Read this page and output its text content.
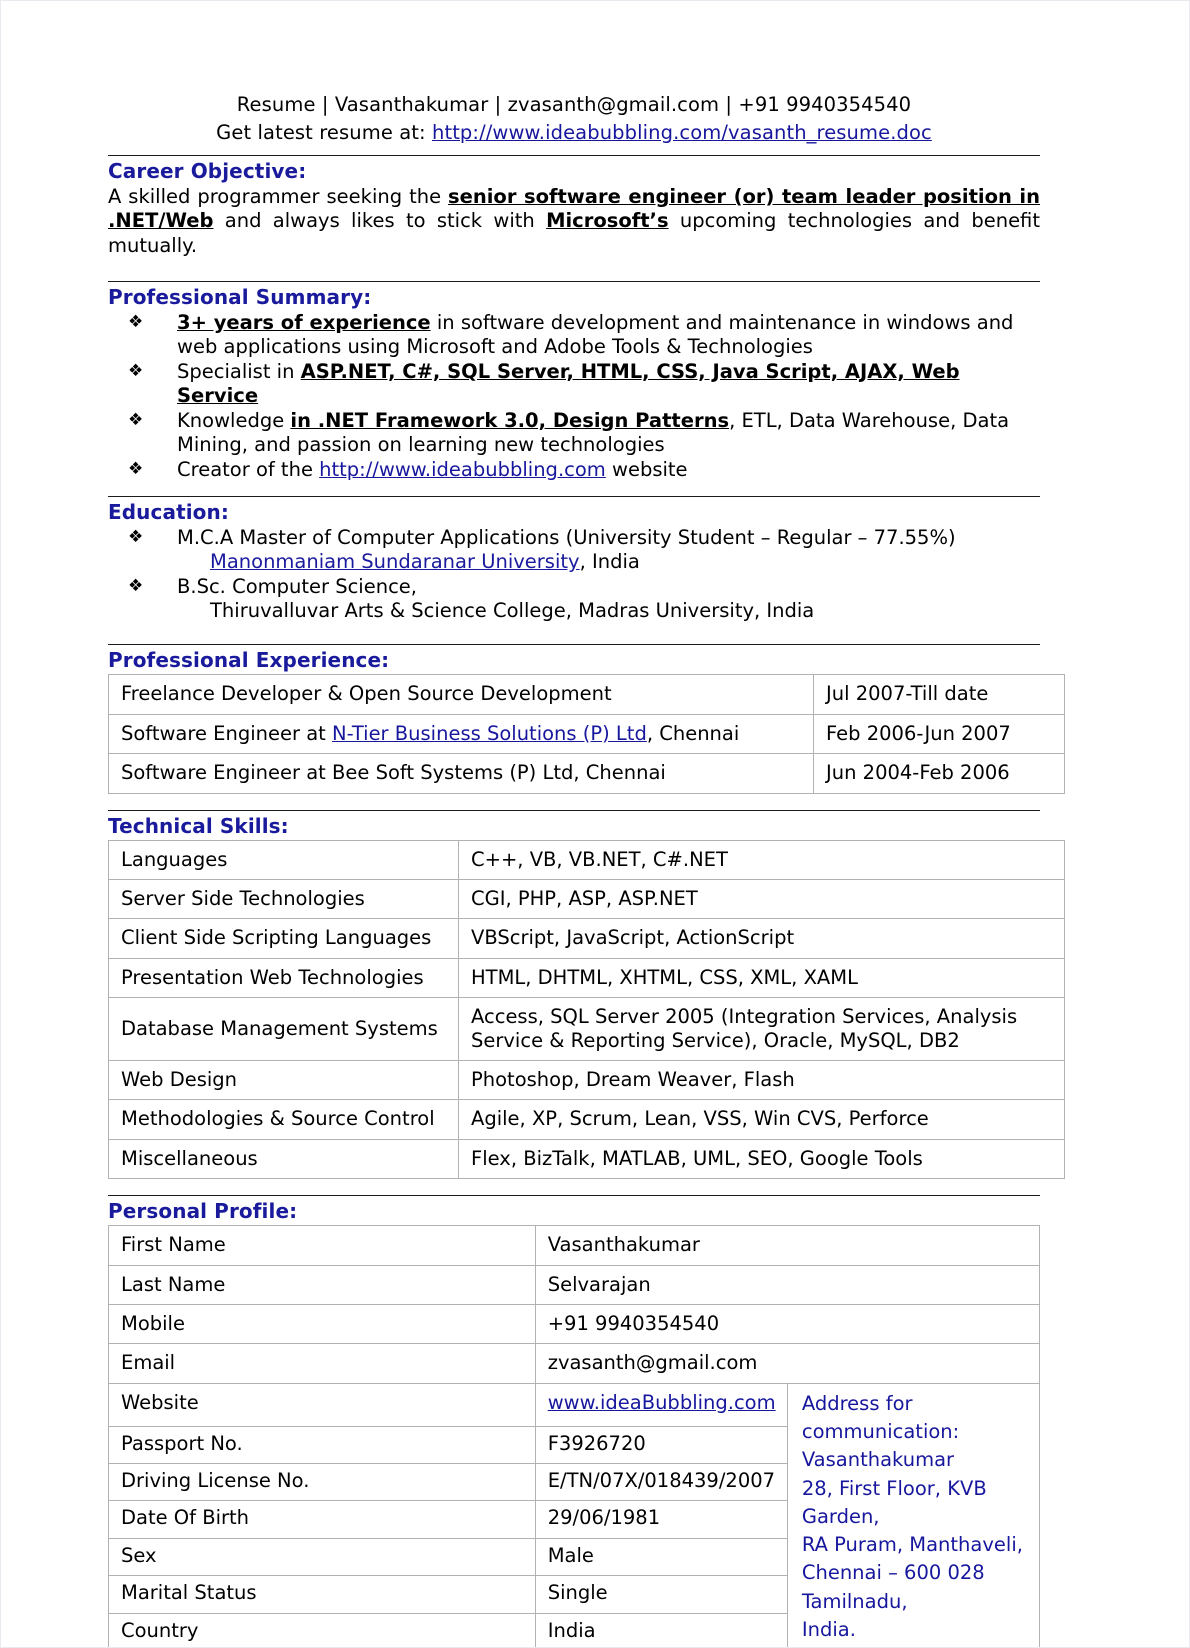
Resume | Vasanthakumar | zvasanth@gmail.com | +91 9940354540
Get latest resume at: http://www.ideabubbling.com/vasanth_resume.doc
Career Objective:

A skilled programmer seeking the senior software engineer (or) team leader position in .NET/Web and always likes to stick with Microsoft’s upcoming technologies and benefit mutually.

Professional Summary:
❖ 3+ years of experience in software development and maintenance in windows and web applications using Microsoft and Adobe Tools & Technologies
❖ Specialist in ASP.NET, C#, SQL Server, HTML, CSS, Java Script, AJAX, Web Service
❖ Knowledge in .NET Framework 3.0, Design Patterns, ETL, Data Warehouse, Data Mining, and passion on learning new technologies
❖ Creator of the http://www.ideabubbling.com website
Education:
❖ M.C.A Master of Computer Applications (University Student – Regular – 77.55%)
Manonmaniam Sundaranar University, India
❖ B.Sc. Computer Science,
Thiruvalluvar Arts & Science College, Madras University, India
Professional Experience:
Freelance Developer & Open Source Development	Jul 2007-Till date
Software Engineer at N-Tier Business Solutions (P) Ltd, Chennai	Feb 2006-Jun 2007
Software Engineer at Bee Soft Systems (P) Ltd, Chennai	Jun 2004-Feb 2006
Technical Skills:
Languages	C++, VB, VB.NET, C#.NET
Server Side Technologies	CGI, PHP, ASP, ASP.NET
Client Side Scripting Languages	VBScript, JavaScript, ActionScript
Presentation Web Technologies	HTML, DHTML, XHTML, CSS, XML, XAML
Database Management Systems	Access, SQL Server 2005 (Integration Services, Analysis Service & Reporting Service), Oracle, MySQL, DB2
Web Design	Photoshop, Dream Weaver, Flash
Methodologies & Source Control	Agile, XP, Scrum, Lean, VSS, Win CVS, Perforce
Miscellaneous	Flex, BizTalk, MATLAB, UML, SEO, Google Tools
Personal Profile:
First Name	Vasanthakumar	
Last Name	Selvarajan	
Mobile	+91 9940354540	
Email	zvasanth@gmail.com	
Website	www.ideaBubbling.com	Address for communication:
Vasanthakumar
28, First Floor, KVB Garden,
RA Puram, Manthaveli,
Chennai – 600 028
Tamilnadu,
India.

Passport No.	F3926720	
Driving License No.	E/TN/07X/018439/2007	
Date Of Birth	29/06/1981	
Sex	Male	
Marital Status	Single	
Country	India	
